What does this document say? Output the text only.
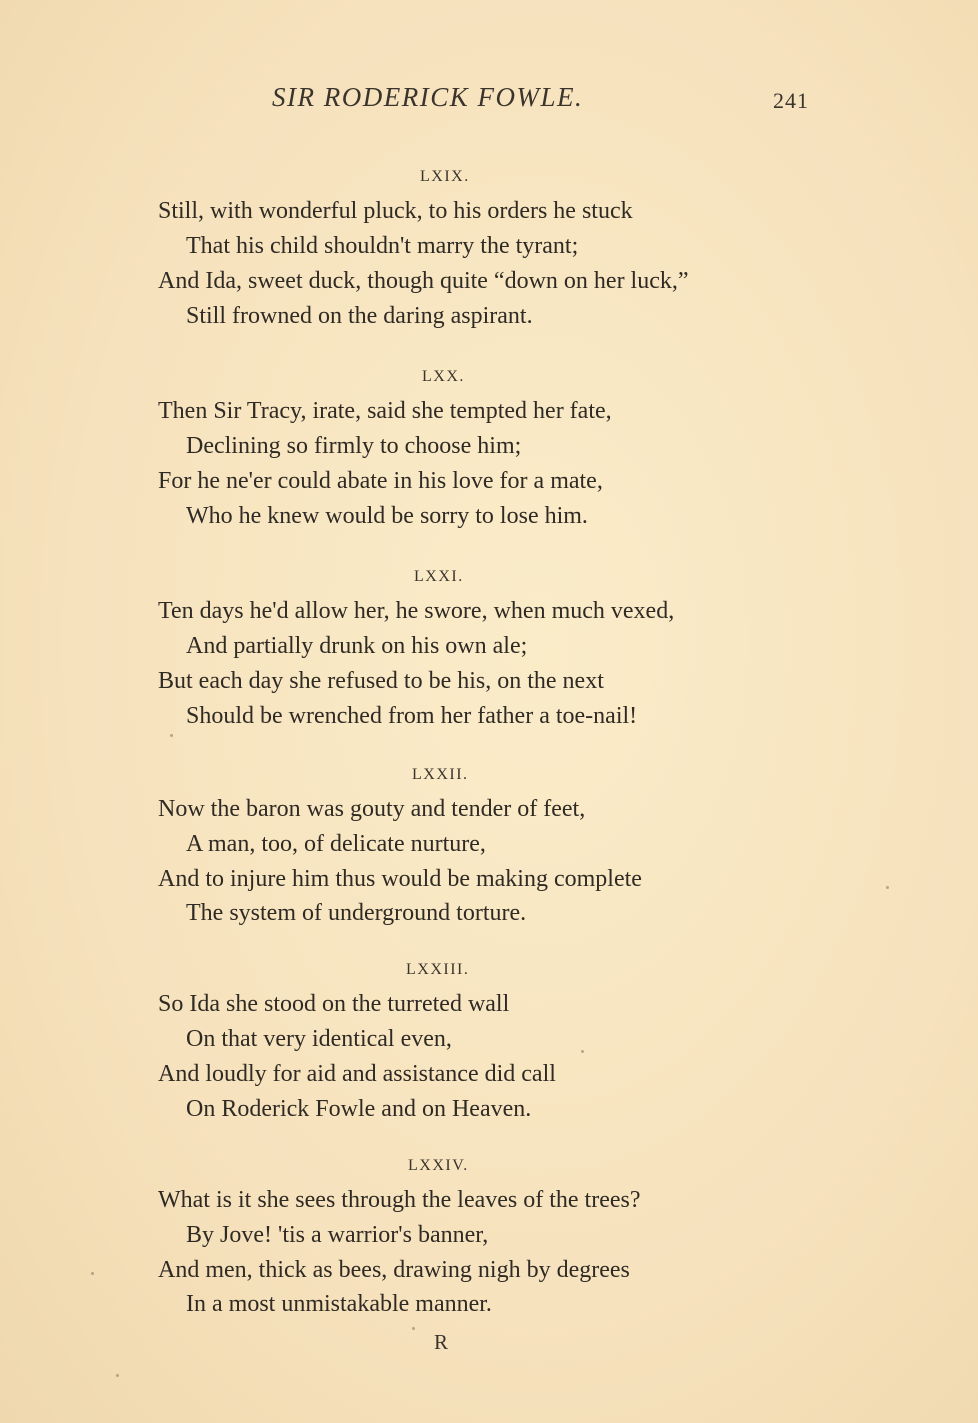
SIR RODERICK FOWLE.	241
LXIX.
Still, with wonderful pluck, to his orders he stuck
That his child shouldn't marry the tyrant;
And Ida, sweet duck, though quite “down on her luck,”
Still frowned on the daring aspirant.
LXX.
Then Sir Tracy, irate, said she tempted her fate,
Declining so firmly to choose him;
For he ne'er could abate in his love for a mate,
Who he knew would be sorry to lose him.
LXXI.
Ten days he'd allow her, he swore, when much vexed,
And partially drunk on his own ale;
But each day she refused to be his, on the next
Should be wrenched from her father a toe-nail!
LXXII.
Now the baron was gouty and tender of feet,
A man, too, of delicate nurture,
And to injure him thus would be making complete
The system of underground torture.
LXXIII.
So Ida she stood on the turreted wall
On that very identical even,
And loudly for aid and assistance did call
On Roderick Fowle and on Heaven.
LXXIV.
What is it she sees through the leaves of the trees?
By Jove! 'tis a warrior's banner,
And men, thick as bees, drawing nigh by degrees
In a most unmistakable manner.
R
